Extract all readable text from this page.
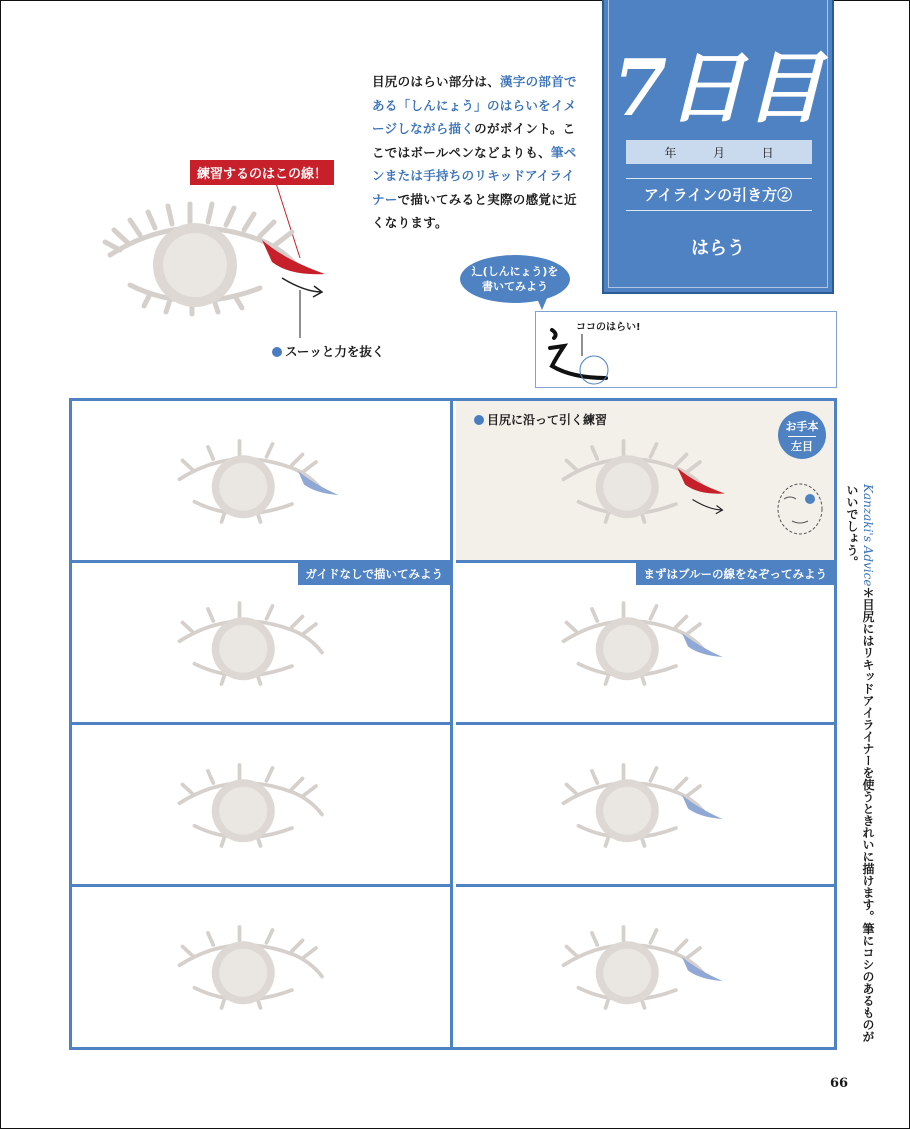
7日目
年	月	日
アイラインの引き方②
はらう
目尻のはらい部分は、漢字の部首である「しんにょう」のはらいをイメージしながら描くのがポイント。ここではボールペンなどよりも、筆ペンまたは手持ちのリキッドアイライナーで描いてみると実際の感覚に近くなります。
練習するのはこの線！
スーッと力を抜く
⻌(しんにょう)を
書いてみよう
ココのはらい!
目尻に沿って引く練習	お手本
左目
ガイドなしで描いてみよう	まずはブルーの線をなぞってみよう	Kanzaki's Advice＊目尻にはリキッドアイライナーを使うときれいに描けます。筆にコシのあるものがいいでしょう。
66
